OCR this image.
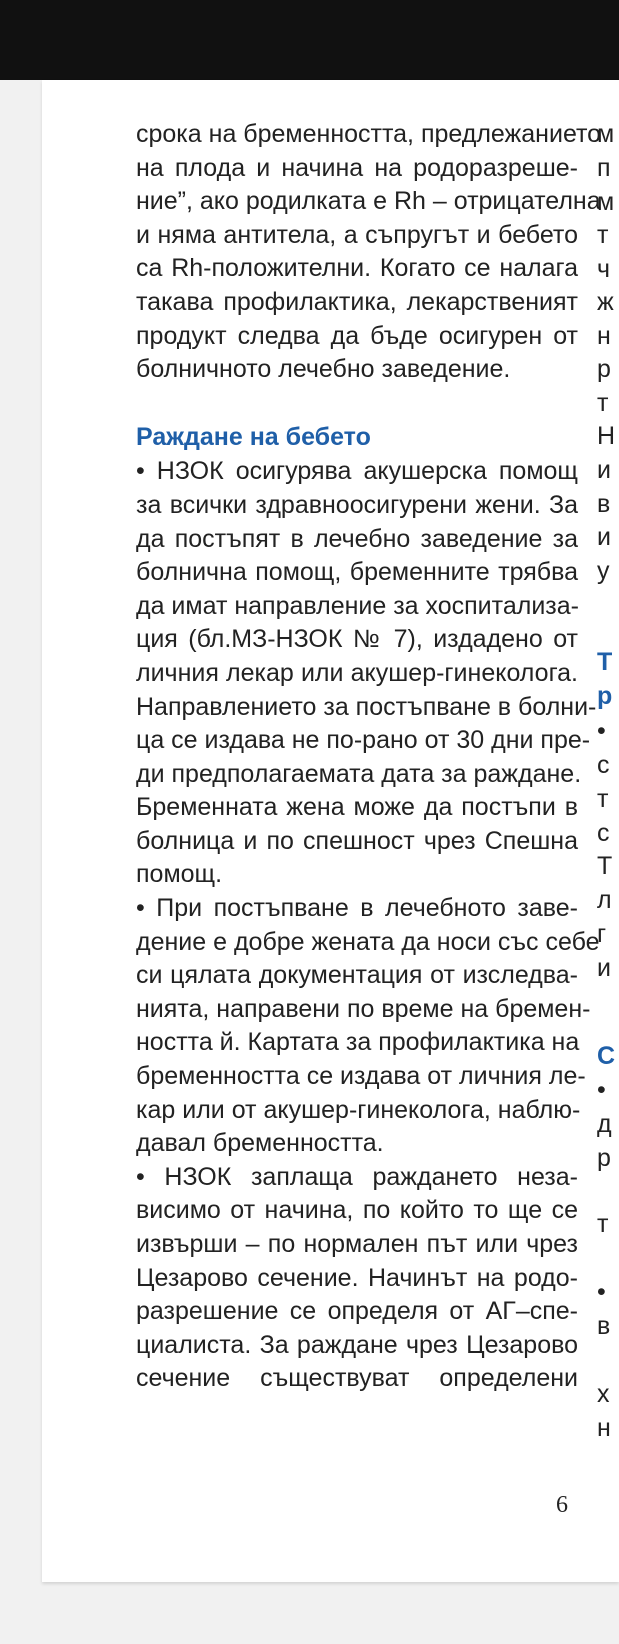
срока на бременността, предлежанието
на плода и начина на родоразреше-
ние”, ако родилката е Rh – отрицателна
и няма антитела, а съпругът и бебето
са Rh-положителни. Когато се налага
такава профилактика, лекарственият
продукт следва да бъде осигурен от
болничното лечебно заведение.
Раждане на бебето
• НЗОК осигурява акушерска помощ
за всички здравноосигурени жени. За
да постъпят в лечебно заведение за
болнична помощ, бременните трябва
да имат направление за хоспитализа-
ция (бл.МЗ-НЗОК № 7), издадено от
личния лекар или акушер-гинеколога.
Направлението за постъпване в болни-
ца се издава не по-рано от 30 дни пре-
ди предполагаемата дата за раждане.
Бременната жена може да постъпи в
болница и по спешност чрез Спешна
помощ.
• При постъпване в лечебното заве-
дение е добре жената да носи със себе
си цялата документация от изследва-
нията, направени по време на бремен-
ността й. Картата за профилактика на
бременността се издава от личния ле-
кар или от акушер-гинеколога, наблю-
давал бременността.
• НЗОК заплаща раждането неза-
висимо от начина, по който то ще се
извърши – по нормален път или чрез
Цезарово сечение. Начинът на родо-
разрешение се определя от АГ–спе-
циалиста. За раждане чрез Цезарово
сечение съществуват определени
м
п
м
т
ч
ж
н
р
т
Н
и
в
и
у
Т
р
•
с
т
с
Т
л
г
и
С
•
д
р
т
•
в
х
н
6
